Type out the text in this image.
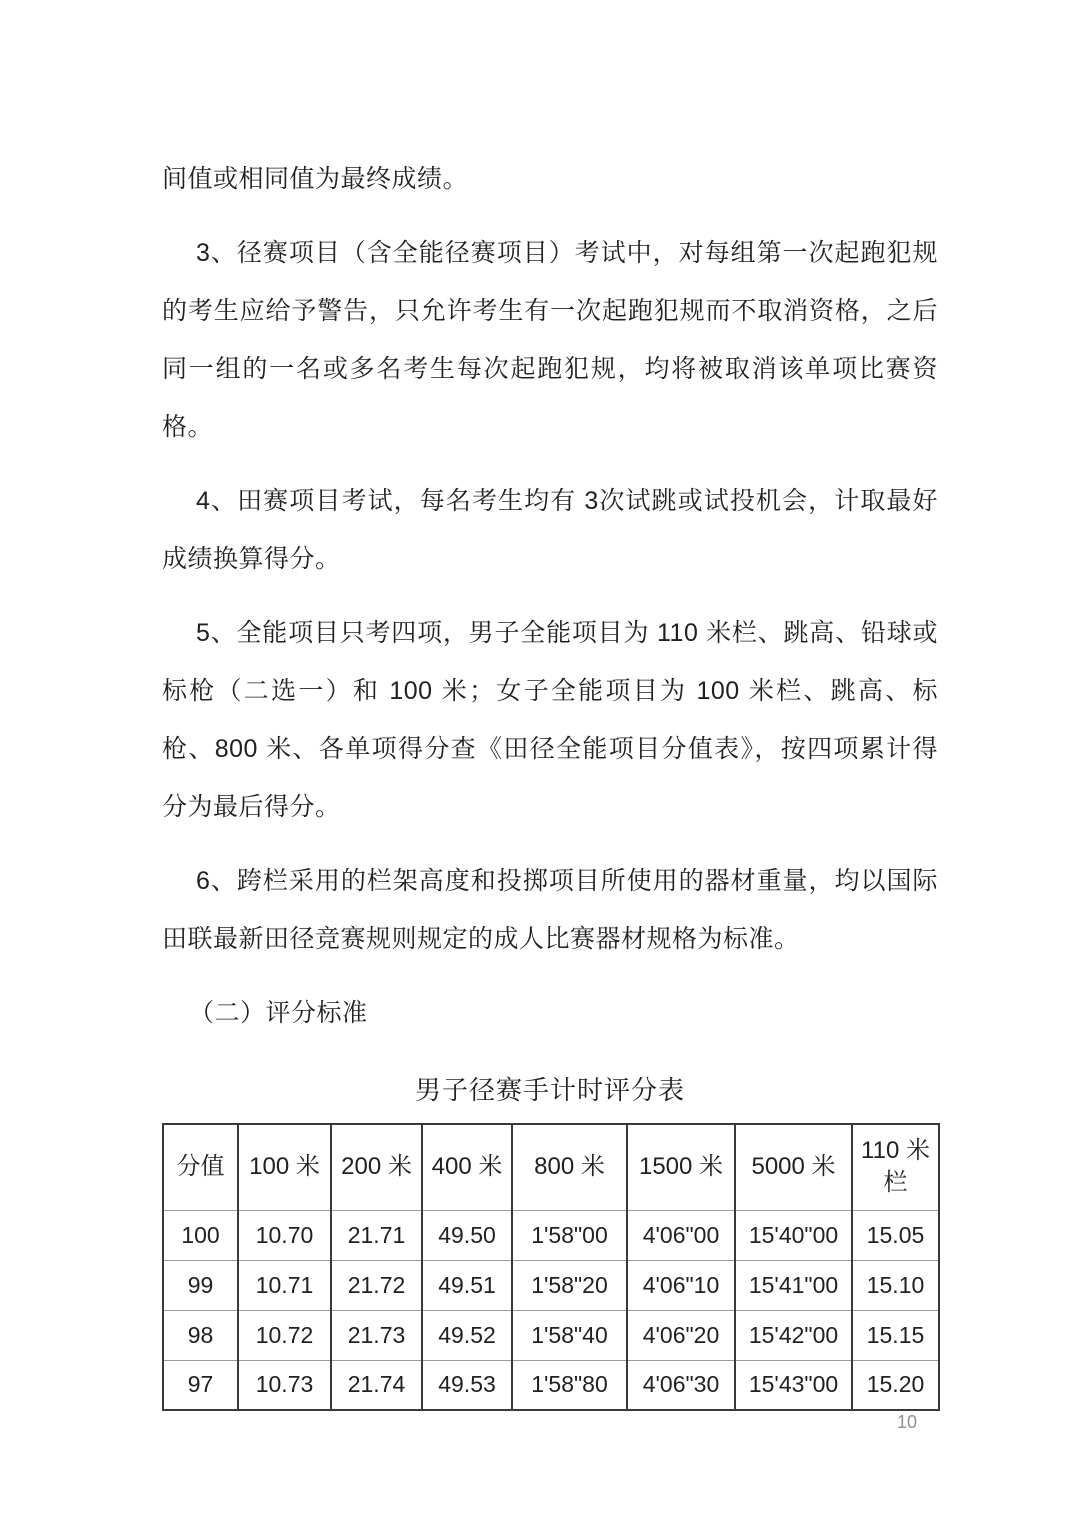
间值或相同值为最终成绩。

3、径赛项目（含全能径赛项目）考试中，对每组第一次起跑犯规的考生应给予警告，只允许考生有一次起跑犯规而不取消资格，之后同一组的一名或多名考生每次起跑犯规，均将被取消该单项比赛资格。

4、田赛项目考试，每名考生均有 3次试跳或试投机会，计取最好成绩换算得分。

5、全能项目只考四项，男子全能项目为 110 米栏、跳高、铅球或标枪（二选一）和 100 米；女子全能项目为 100 米栏、跳高、标枪、800 米、各单项得分查《田径全能项目分值表》，按四项累计得分为最后得分。

6、跨栏采用的栏架高度和投掷项目所使用的器材重量，均以国际田联最新田径竞赛规则规定的成人比赛器材规格为标准。

（二）评分标准

男子径赛手计时评分表
分值	100 米	200 米	400 米	800 米	1500 米	5000 米	110 米 栏
100	10.70	21.71	49.50	1'58"00	4'06"00	15'40"00	15.05
99	10.71	21.72	49.51	1'58"20	4'06"10	15'41"00	15.10
98	10.72	21.73	49.52	1'58"40	4'06"20	15'42"00	15.15
97	10.73	21.74	49.53	1'58"80	4'06"30	15'43"00	15.20
10
